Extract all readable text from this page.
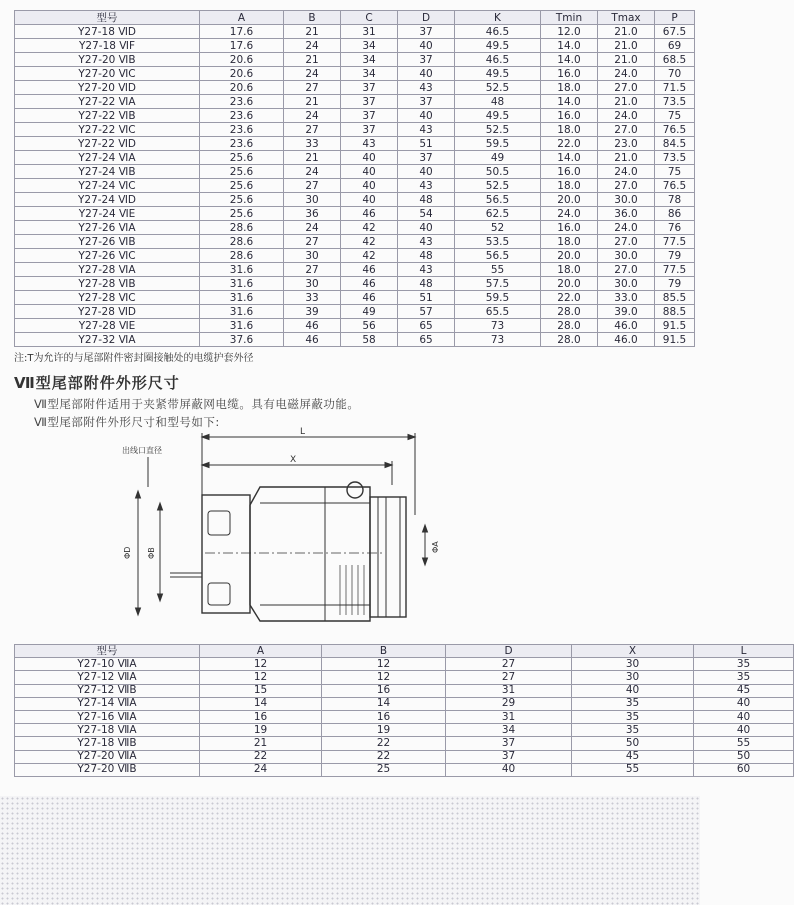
型号	A	B	C	D	K	Tmin	Tmax	P
Y27-18 ⅥD	17.6	21	31	37	46.5	12.0	21.0	67.5
Y27-18 ⅥF	17.6	24	34	40	49.5	14.0	21.0	69
Y27-20 ⅥB	20.6	21	34	37	46.5	14.0	21.0	68.5
Y27-20 ⅥC	20.6	24	34	40	49.5	16.0	24.0	70
Y27-20 ⅥD	20.6	27	37	43	52.5	18.0	27.0	71.5
Y27-22 ⅥA	23.6	21	37	37	48	14.0	21.0	73.5
Y27-22 ⅥB	23.6	24	37	40	49.5	16.0	24.0	75
Y27-22 ⅥC	23.6	27	37	43	52.5	18.0	27.0	76.5
Y27-22 ⅥD	23.6	33	43	51	59.5	22.0	23.0	84.5
Y27-24 ⅥA	25.6	21	40	37	49	14.0	21.0	73.5
Y27-24 ⅥB	25.6	24	40	40	50.5	16.0	24.0	75
Y27-24 ⅥC	25.6	27	40	43	52.5	18.0	27.0	76.5
Y27-24 ⅥD	25.6	30	40	48	56.5	20.0	30.0	78
Y27-24 ⅥE	25.6	36	46	54	62.5	24.0	36.0	86
Y27-26 ⅥA	28.6	24	42	40	52	16.0	24.0	76
Y27-26 ⅥB	28.6	27	42	43	53.5	18.0	27.0	77.5
Y27-26 ⅥC	28.6	30	42	48	56.5	20.0	30.0	79
Y27-28 ⅥA	31.6	27	46	43	55	18.0	27.0	77.5
Y27-28 ⅥB	31.6	30	46	48	57.5	20.0	30.0	79
Y27-28 ⅥC	31.6	33	46	51	59.5	22.0	33.0	85.5
Y27-28 ⅥD	31.6	39	49	57	65.5	28.0	39.0	88.5
Y27-28 ⅥE	31.6	46	56	65	73	28.0	46.0	91.5
Y27-32 ⅥA	37.6	46	58	65	73	28.0	46.0	91.5
注:T为允许的与尾部附件密封圈接触处的电缆护套外径
Ⅶ型尾部附件外形尺寸
Ⅶ型尾部附件适用于夹紧带屏蔽网电缆。具有电磁屏蔽功能。
Ⅶ型尾部附件外形尺寸和型号如下:
L
X
出线口直径
ΦD ΦB
ΦA
型号	A	B	D	X	L
Y27-10 ⅦA	12	12	27	30	35
Y27-12 ⅦA	12	12	27	30	35
Y27-12 ⅦB	15	16	31	40	45
Y27-14 ⅦA	14	14	29	35	40
Y27-16 ⅦA	16	16	31	35	40
Y27-18 ⅦA	19	19	34	35	40
Y27-18 ⅦB	21	22	37	50	55
Y27-20 ⅦA	22	22	37	45	50
Y27-20 ⅦB	24	25	40	55	60
